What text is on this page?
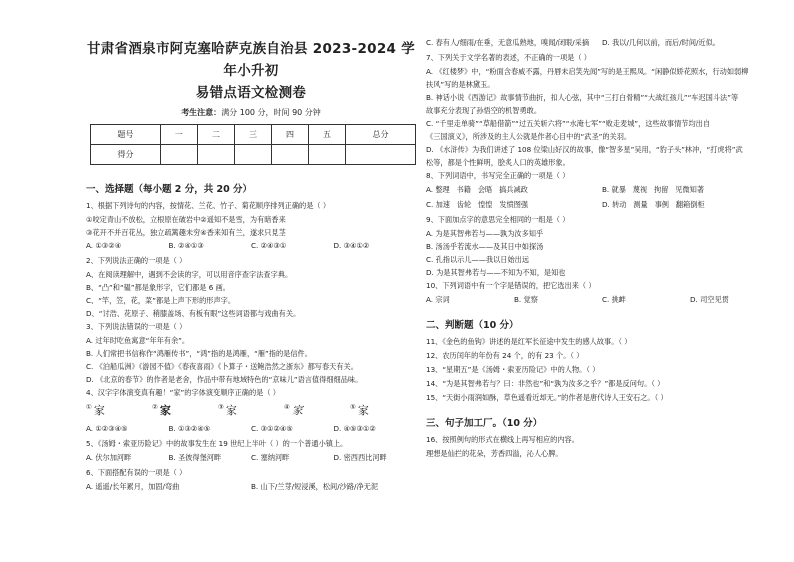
甘肃省酒泉市阿克塞哈萨克族自治县 2023-2024 学年小升初
易错点语文检测卷
考生注意：满分 100 分，时间 90 分钟
题号	一	二	三	四	五	总分
得分						
一、选择题（每小题 2 分，共 20 分）
1、根据下列诗句的内容，按情花、兰花、竹子、菊花顺序排列正确的是（ ）
①咬定青山不放松，立根原在破岩中②遥知不是雪，为有暗香来
③花开不并百花丛，独立疏篱趣未穷④香来知有兰，遂求只見茎
A. ①③②④	B. ②④①③	C. ②④③①	D. ③④①②
2、下列说法正确的一项是（ ）
A、在阅读理解中，遇到不会读的字，可以用音序查字法查字典。
B、“凸”和“韫”都是象形字，它们都是 6 画。
C、“竿，笠，花，菜”都是上声下形的形声字。
D、“讨浩、花原子、稍膝盖场、有板有眼”这些词语都与戏曲有关。
3、下列说法错误的一项是（ ）
A. 过年时吃鱼寓意“年年有余”。
B. 人们常把书信称作“鸿雁传书”，“鸿”指的是鸿雁，“雁”指的是信件。
C. 《泊船瓜洲》《游园不值》《春夜喜雨》《卜算子・送鲍浩然之浙东》都写春天有关。
D. 《北京的春节》的作者是老舍，作品中带有地域特色的“京味儿”语言值得细细品味。
4、汉字字体演变真有趣！“家”的字体演变顺序正确的是（ ）
① 家	② 家	③ 家	④ 家	⑤ 家
A. ①②③④⑤	B. ①③②④⑤	C. ③①②④⑤	D. ④⑤③①②
5、《汤姆・索亚历险记》中的故事发生在 19 世纪上半叶（ ）的一个普通小镇上。
A. 伏尔加河畔	B. 圣彼得堡河畔	C. 塞纳河畔	D. 密西西比河畔
6、下面搭配有误的一项是（ ）
A. 遥遥/长年累月，加固/弯曲	B. 山下/兰芽/短浸溪，松间/沙路/净无泥
C. 春有人/细雨/在垂，无意瓜熟地，嗅闻/闭眼/采摘	D. 我以/几何以前，而后/时间/近似。
7、下列关于文学名著的表述，不正确的一项是（ ）
A. 《红楼梦》中，“粉面含春威不露，丹唇未启笑先闻”写的是王熙凤。“闲静似娇花照水，行动如弱柳
扶风”写的是林黛玉。
B. 神话小说《西游记》故事情节曲折，扣人心弦，其中“三打白骨精”“大战红孩儿”“车迟国斗法”等
故事充分表现了孙悟空的机智勇敢。
C. “千里走单骑”“草船借箭”“过五关斩六将”“水淹七军”“败走麦城”，这些故事情节均出自
《三国演义》，所涉及的主人公就是作者心目中的“武圣”的关羽。
D. 《水浒传》为我们讲述了 108 位梁山好汉的故事，像“智多星”吴用，“豹子头”林冲，“打虎将”武
松等，都是个性鲜明，脍炙人口的英雄形象。
8、下列词语中，书写完全正确的一项是（ ）
A. 整理 书籍 会晤 搞兵减政	B. 就暴 蔑视 拘留 见微知著
C. 加速 齿轮 惶惶 发愤图强	D. 转动 测量 事例 翻箱倒柜
9、下面加点字的意思完全相同的一组是（ ）
A. 为是其智弗若与——孰为汝多知乎
B. 汤汤乎若流水——及其日中如探汤
C. 孔指以示儿——我以日始出远
D. 为是其智弗若与——不知为不知，是知也
10、下列词语中有一个字是错误的，把它选出来（ ）
A. 宗词	B. 觉察	C. 挑衅	D. 司空见贯
二、判断题（10 分）
11、《金色的鱼钩》讲述的是红军长征途中发生的感人故事。（ ）
12、农历闰年的年份有 24 个，的有 23 个。（ ）
13、“星期五”是《汤姆・索亚历险记》中的人物。（ ）
14、“为是其智弗若与？曰：非然也”和“孰为汝多之乎？”都是反问句。（ ）
15、“天街小雨润如酥，草色遥看近却无。”的作者是唐代诗人王安石之。（ ）
三、句子加工厂。（10 分）
16、按照例句的形式在横线上再写相应的内容。
理想是仙拦的花朵，芳香四溢，沁人心脾。
